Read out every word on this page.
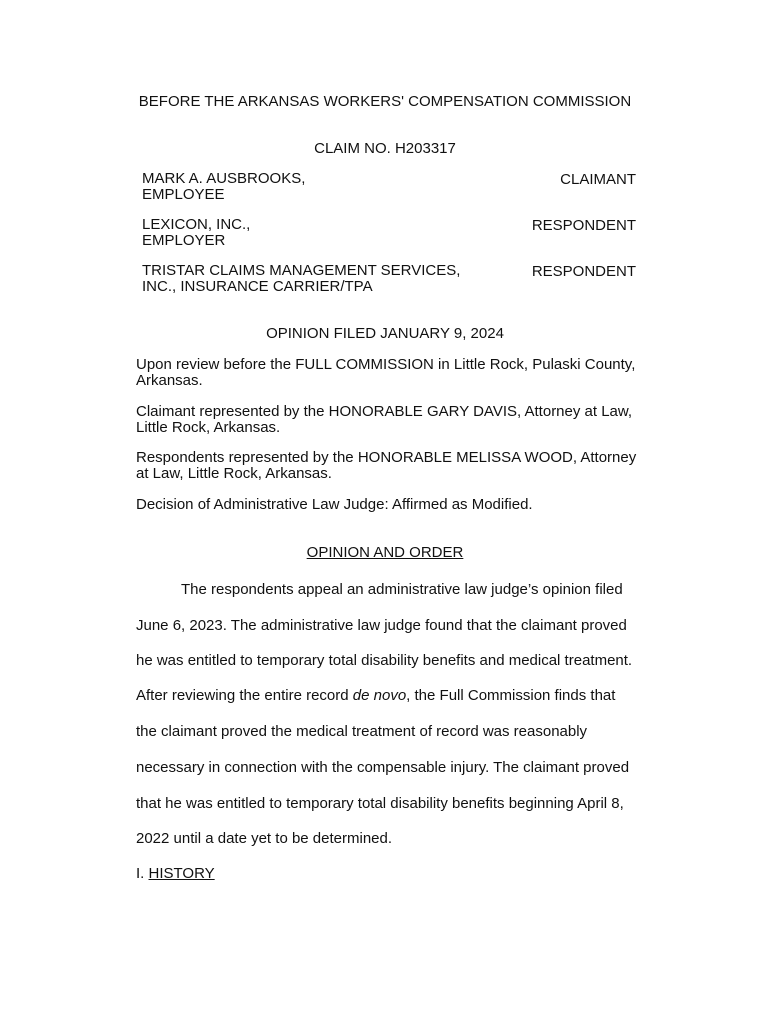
BEFORE THE ARKANSAS WORKERS' COMPENSATION COMMISSION
CLAIM NO. H203317
MARK A. AUSBROOKS,
EMPLOYEE
CLAIMANT
LEXICON, INC.,
EMPLOYER
RESPONDENT
TRISTAR CLAIMS MANAGEMENT SERVICES,
INC., INSURANCE CARRIER/TPA
RESPONDENT
OPINION FILED JANUARY 9, 2024
Upon review before the FULL COMMISSION in Little Rock, Pulaski County,
Arkansas.
Claimant represented by the HONORABLE GARY DAVIS, Attorney at Law,
Little Rock, Arkansas.
Respondents represented by the HONORABLE MELISSA WOOD, Attorney
at Law, Little Rock, Arkansas.
Decision of Administrative Law Judge: Affirmed as Modified.
OPINION AND ORDER
The respondents appeal an administrative law judge’s opinion filed
June 6, 2023. The administrative law judge found that the claimant proved
he was entitled to temporary total disability benefits and medical treatment.
After reviewing the entire record de novo, the Full Commission finds that
the claimant proved the medical treatment of record was reasonably
necessary in connection with the compensable injury. The claimant proved
that he was entitled to temporary total disability benefits beginning April 8,
2022 until a date yet to be determined.
I. HISTORY
